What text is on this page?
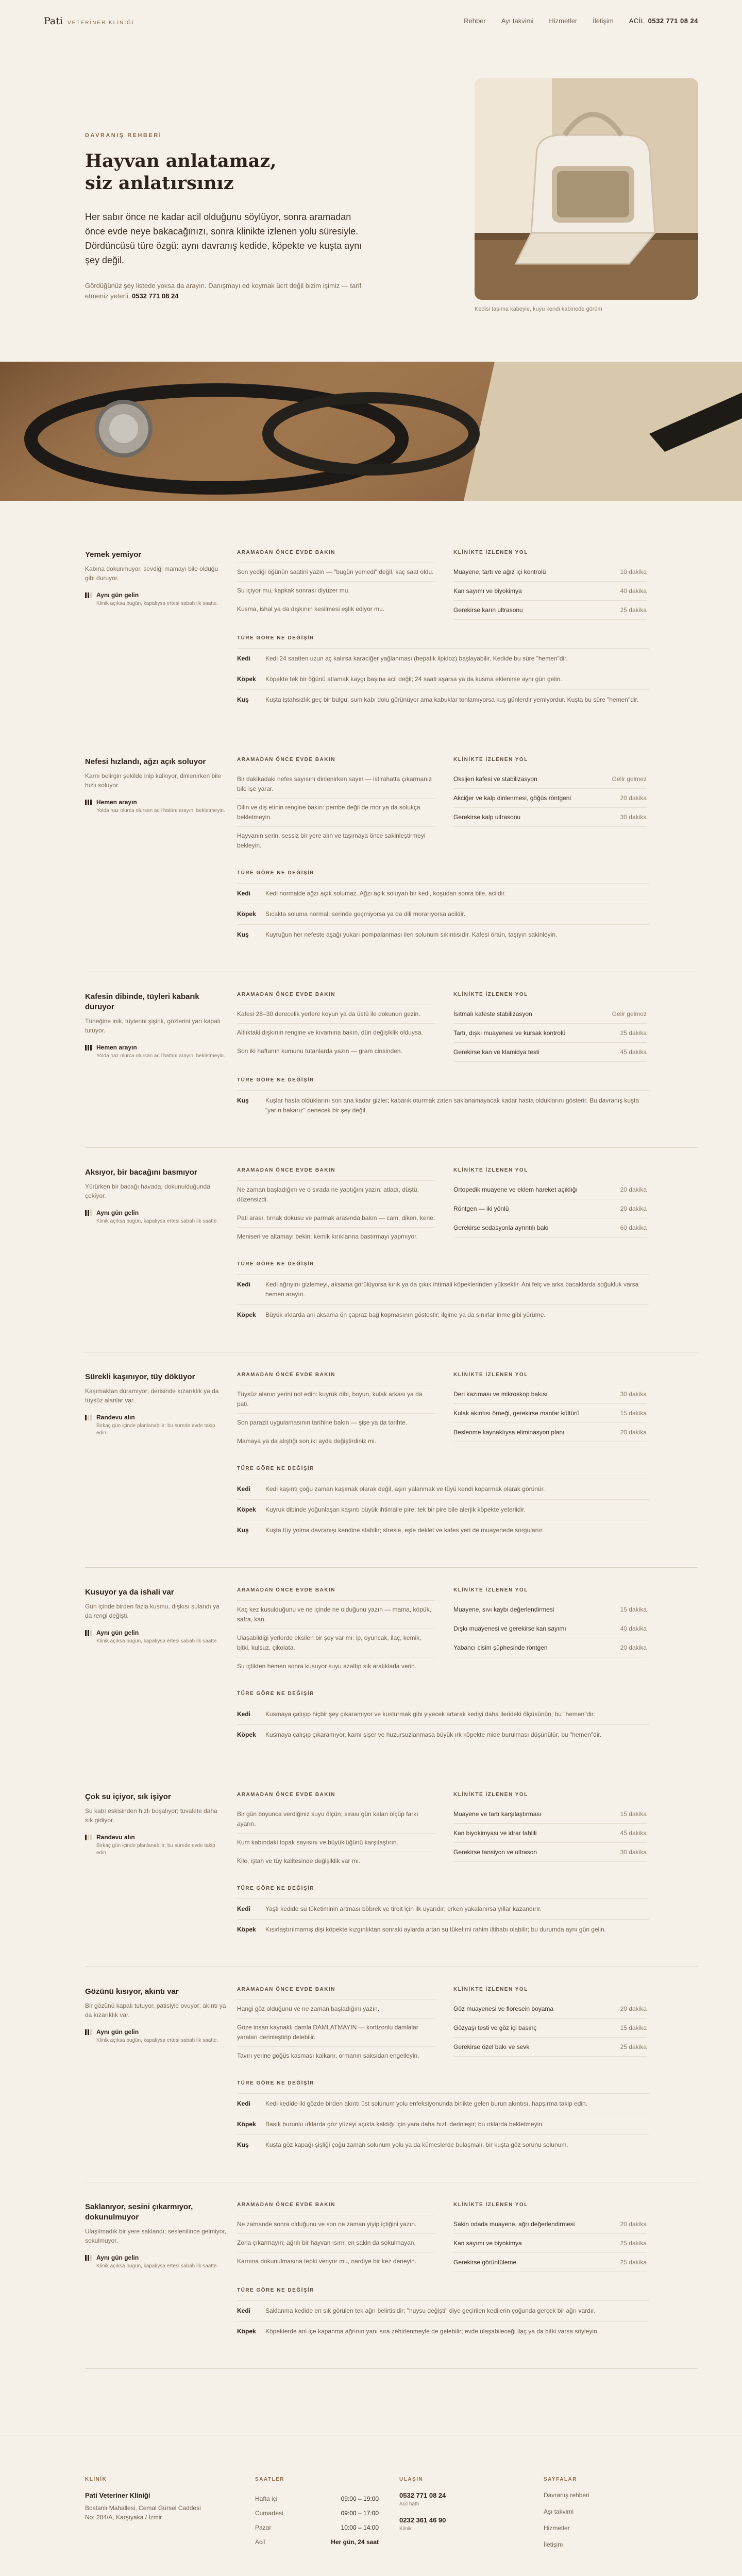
Pati VETERİNER KLİNİĞİ	Rehber Ayı takvimi Hizmetler İletişim ACİL 0532 771 08 24
DAVRANIŞ REHBERİ
Hayvan anlatamaz,
siz anlatırsınız

Her sabır önce ne kadar acil olduğunu söylüyor, sonra aramadan önce evde neye bakacağınızı, sonra klinikte izlenen yolu süresiyle. Dördüncüsü türe özgü: aynı davranış kedide, köpekte ve kuşta aynı şey değil.

Gördüğünüz şey listede yoksa da arayın. Danışmayı ed koymak ücrt değil bizim işimiz — tarif etmeniz yeterli. 0532 771 08 24

Kedisi taşıma kabeyle, kuyu kendi kabinede görüm
Yemek yemiyor
Kabına dokunmuyor, sevdiği mamayı bile olduğu gibi duruyor.
Aynı gün gelin
Klinik açıksa bugün, kapalıysa ertesi sabah ilk saatte.
ARAMADAN ÖNCE EVDE BAKIN
Son yediği öğünün saatini yazın — "bugün yemedi" değil, kaç saat oldu.
Su içiyor mu, kapkak sonrası diyüzer mu.
Kusma, ishal ya da dışkının kesilmesi eşlik ediyor mu.
KLİNİKTE İZLENEN YOL
Muayene, tartı ve ağız içi kontrolü	10 dakika
Kan sayımı ve biyokimya	40 dakika
Gerekirse karın ultrasonu	25 dakika
TÜRE GÖRE NE DEĞİŞİR
Kedi	Kedi 24 saatten uzun aç kalırsa karaciğer yağlanması (hepatik lipidoz) başlayabilir. Kedide bu süre "hemen"dir.
Köpek	Köpekte tek bir öğünü atlamak kaygı başına acil değil; 24 saati aşarsa ya da kusma eklenirse aynı gün gelin.
Kuş	Kuşta iştahsızlık geç bir bulgu: sum kabı dolu görünüyor ama kabuklar tonlamıyorsa kuş günlerdir yemiyordur. Kuşta bu süre "hemen"dir.
Nefesi hızlandı, ağzı açık soluyor
Karnı belirgin şekilde inip kalkıyor, dinlenirken bile hızlı soluyor.
Hemen arayın
Yolda haz olurca olursan acil hattını arayın, bekletmeyin.
ARAMADAN ÖNCE EVDE BAKIN
Bir dakikadaki nefes sayısını dinlenirken sayın — istirahatta çıkarmanız bile işe yarar.
Dilin ve diş etinin rengine bakın: pembe değil de mor ya da solukça bekletmeyin.
Hayvanın serin, sessiz bir yere alın ve taşımaya önce sakinleştirmeyi bekleyin.
KLİNİKTE İZLENEN YOL
Oksijen kafesi ve stabilizasyon	Gelir gelmez
Akciğer ve kalp dinlenmesi, göğüs röntgeni	20 dakika
Gerekirse kalp ultrasonu	30 dakika
TÜRE GÖRE NE DEĞİŞİR
Kedi	Kedi normalde ağzı açık solumaz. Ağzı açık soluyan bir kedi, koşudan sonra bile, acildir.
Köpek	Sıcakta soluma normal; serinde geçmiyorsa ya da dili morarıyorsa acildir.
Kuş	Kuyruğun her nefeste aşağı yukarı pompalanması ileri solunum sıkıntısıdır. Kafesi örtün, taşıyın sakinleyin.
Kafesin dibinde, tüyleri kabarık duruyor
Tüneğine inik, tüylerini şişirik, gözlerini yarı kapalı tutuyor.
Hemen arayın
Yolda haz olurca olursan acil hattını arayın, bekletmeyin.
ARAMADAN ÖNCE EVDE BAKIN
Kafesi 28–30 derecelik yerlere koyun ya da üstü ile dokunun gezin.
Altlıktaki dışkının rengine ve kıvamına bakın, dün değişiklik olduysa.
Son iki haftanın kumunu tutanlarda yazın — gram cinsinden.
KLİNİKTE İZLENEN YOL
Isıtmalı kafeste stabilizasyon	Gelir gelmez
Tartı, dışkı muayenesi ve kursak kontrolü	25 dakika
Gerekirse kan ve klamidya testi	45 dakika
TÜRE GÖRE NE DEĞİŞİR
Kuş	Kuşlar hasta olduklarını son ana kadar gizler; kabarık oturmak zaten saklanamayacak kadar hasta olduklarını gösterir. Bu davranış kuşta "yarın bakarız" denecek bir şey değil.
Aksıyor, bir bacağını basmıyor
Yürürken bir bacağı havada; dokunulduğunda çekiyor.
Aynı gün gelin
Klinik açıksa bugün, kapalıysa ertesi sabah ilk saatte.
ARAMADAN ÖNCE EVDE BAKIN
Ne zaman başladığını ve o sırada ne yaptığını yazın: atladı, düştü, düzensizdi.
Pati arası, tırnak dokusu ve parmak arasında bakın — cam, diken, kene.
Meniseri ve altamayı bekin; kemik kırıklarına bastırmayı yapmıyor.
KLİNİKTE İZLENEN YOL
Ortopedik muayene ve eklem hareket açıklığı	20 dakika
Röntgen — iki yönlü	20 dakika
Gerekirse sedasyonla ayrıntılı bakı	60 dakika
TÜRE GÖRE NE DEĞİŞİR
Kedi	Kedi ağrıyını gizlemeyi, aksama görülüyorsa kırık ya da çıkık ihtimali köpeklerinden yüksektir. Ani felç ve arka bacaklarda soğukluk varsa hemen arayın.
Köpek	Büyük ırklarda ani aksama ön çapraz bağ kopmasının göstestir; ilgime ya da sınırlar inme gibi yürüme.
Sürekli kaşınıyor, tüy döküyor
Kaşımaktan duramıyor; derisinde kızarıklık ya da tüysüz alanlar var.
Randevu alın
Birkaç gün içinde planlanabilir; bu sürede evde takip edin.
ARAMADAN ÖNCE EVDE BAKIN
Tüysüz alanın yerini not edin: kuyruk dibi, boyun, kulak arkası ya da pati.
Son parazit uygulamasının tarihine bakın — şişe ya da tarihte.
Mamaya ya da alıştığı son iki ayda değiştirdiniz mi.
KLİNİKTE İZLENEN YOL
Deri kazıması ve mikroskop bakısı	30 dakika
Kulak akıntısı örneği, gerekirse mantar kültürü	15 dakika
Beslenme kaynaklıysa eliminasyon planı	20 dakika
TÜRE GÖRE NE DEĞİŞİR
Kedi	Kedi kaşıntı çoğu zaman kaşımak olarak değil, aşırı yalanmak ve tüyü kendi koparmak olarak görünür.
Köpek	Kuyruk dibinde yoğunlaşan kaşıntı büyük ihtimalle pire; tek bir pire bile alerjik köpekte yeterlidir.
Kuş	Kuşta tüy yolma davranışı kendine stabilir; stresle, eşle deklet ve kafes yeri de muayenede sorgulanır.
Kusuyor ya da ishali var
Gün içinde birden fazla kusmu, dışkısı sulandı ya da rengi değişti.
Aynı gün gelin
Klinik açıksa bugün, kapalıysa ertesi sabah ilk saatte.
ARAMADAN ÖNCE EVDE BAKIN
Kaç kez kusulduğunu ve ne içinde ne olduğunu yazın — mama, köpük, safra, kan.
Ulaşabildiği yerlerde eksilen bir şey var mı: ip, oyuncak, ilaç, kemik, bitki, kulsuz, çikolata.
Su içtikten hemen sonra kusuyor suyu azaltıp sık aralıklarla verin.
KLİNİKTE İZLENEN YOL
Muayene, sıvı kaybı değerlendirmesi	15 dakika
Dışkı muayenesi ve gerekirse kan sayımı	40 dakika
Yabancı cisim şüphesinde röntgen	20 dakika
TÜRE GÖRE NE DEĞİŞİR
Kedi	Kusmaya çalışıp hiçbir şey çıkaramıyor ve kusturmak gibi yiyecek artarak kediyi daha ilerideki ölçüsünün; bu "hemen"dir.
Köpek	Kusmaya çalışıp çıkaramıyor, karnı şişer ve huzursuzlanmasa büyük ırk köpekte mide burulması düşünülür; bu "hemen"dir.
Çok su içiyor, sık işiyor
Su kabı eskisinden hızlı boşalıyor; tuvalete daha sık gidiyor.
Randevu alın
Birkaç gün içinde planlanabilir; bu sürede evde takip edin.
ARAMADAN ÖNCE EVDE BAKIN
Bir gün boyunca verdiğiniz suyu ölçün; sırası gün kalan ölçüp farkı ayarın.
Kum kabındaki topak sayısını ve büyüklüğünü karşılaştırın.
Kilo, iştah ve tüy kalitesinde değişiklik var mı.
KLİNİKTE İZLENEN YOL
Muayene ve tartı karşılaştırması	15 dakika
Kan biyokimyası ve idrar tahlili	45 dakika
Gerekirse tansiyon ve ultrason	30 dakika
TÜRE GÖRE NE DEĞİŞİR
Kedi	Yaşlı kedide su tüketiminin artması böbrek ve tiroit için ilk uyarıdır; erken yakalanırsa yıllar kazandırır.
Köpek	Kısırlaştırılmamış dişi köpekte kızgınlıktan sonraki aylarda artan su tüketimi rahim iltihabı olabilir; bu durumda aynı gün gelin.
Gözünü kısıyor, akıntı var
Bir gözünü kapalı tutuyor, patisiyle ovuyor; akıntı ya da kızarıklık var.
Aynı gün gelin
Klinik açıksa bugün, kapalıysa ertesi sabah ilk saatte.
ARAMADAN ÖNCE EVDE BAKIN
Hangi göz olduğunu ve ne zaman başladığını yazın.
Göze insan kaynaklı damla DAMLATMAYIN — kortizonlu damlalar yaraları derinleştirip delebilir.
Tavırı yerine göğüs kasması kalkanı, ormanın saksıdan engelleyin.
KLİNİKTE İZLENEN YOL
Göz muayenesi ve floresein boyama	20 dakika
Gözyaşı testi ve göz içi basınç	15 dakika
Gerekirse özel bakı ve sevk	25 dakika
TÜRE GÖRE NE DEĞİŞİR
Kedi	Kedi kedide iki gözde birden akıntı üst solunum yolu enfeksiyonunda birlikte gelen burun akıntısı, hapşırma takip edin.
Köpek	Basık burunlu ırklarda göz yüzeyi açıkta kaldığı için yara daha hızlı derinleşir; bu ırklarda bekletmeyin.
Kuş	Kuşta göz kapağı şişliği çoğu zaman solunum yolu ya da kümeslerde bulaşmalı; bir kuşta göz sorunu solunum.
Saklanıyor, sesini çıkarmıyor, dokunulmuyor
Ulaşılmadık bir yere saklandı; seslenilince gelmiyor, sokulmuyor.
Aynı gün gelin
Klinik açıksa bugün, kapalıysa ertesi sabah ilk saatte.
ARAMADAN ÖNCE EVDE BAKIN
Ne zamande sonra olduğunu ve son ne zaman yiyip içtiğini yazın.
Zorla çıkarmayın; ağrılı bir hayvan ısırır, en sakin da sokulmayan.
Karnına dokunulmasına tepki veriyor mu, nardiye bir kez deneyin.
KLİNİKTE İZLENEN YOL
Sakin odada muayene, ağrı değerlendirmesi	20 dakika
Kan sayımı ve biyokimya	25 dakika
Gerekirse görüntüleme	25 dakika
TÜRE GÖRE NE DEĞİŞİR
Kedi	Saklanma kedide en sık görülen tek ağrı belirtisidir; "huysu değişti" diye geçirilen kedilerin çoğunda gerçek bir ağrı vardır.
Köpek	Köpeklerde ani içe kapanma ağrının yanı sıra zehirlenmeyle de gelebilir; evde ulaşabileceği ilaç ya da bitki varsa söyleyin.
KLİNİK
Pati Veteriner Kliniği
Bostanlı Mahallesi, Cemal Gürsel Caddesi
No: 284/A, Karşıyaka / İzmir
SAATLER
Hafta içi	09:00 – 19:00
Cumartesi	09:00 – 17:00
Pazar	10:00 – 14:00
Acil	Her gün, 24 saat
ULAŞIN
0532 771 08 24
Acil hattı
0232 361 46 90
Klinik
SAYFALAR
Davranış rehberi
Aşı takvimi
Hizmetler
İletişim
